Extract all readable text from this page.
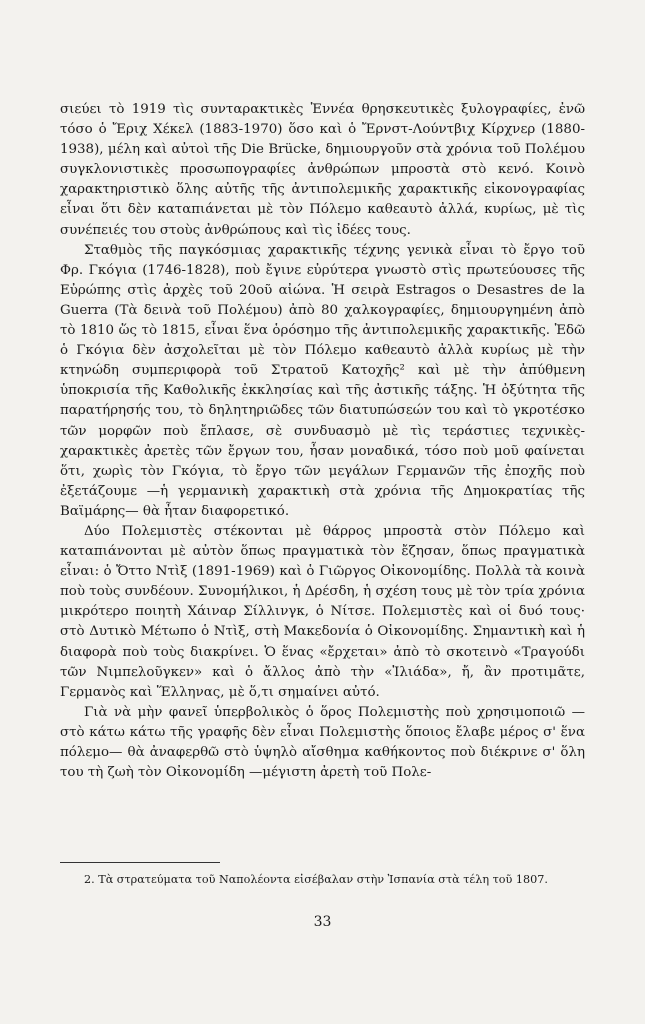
σιεύει τὸ 1919 τὶς συνταρακτικὲς Ἐννέα θρησκευτικὲς ξυλογραφίες, ἐνῶ τόσο ὁ Ἔριχ Χέκελ (1883-1970) ὅσο καὶ ὁ Ἔρνστ-Λούντβιχ Κίρχνερ (1880-1938), μέλη καὶ αὐτοὶ τῆς Die Brücke, δημιουργοῦν στὰ χρόνια τοῦ Πολέμου συγκλονιστικὲς προσωπογραφίες ἀνθρώπων μπροστὰ στὸ κενό. Κοινὸ χαρακτηριστικὸ ὅλης αὐτῆς τῆς ἀντιπολεμικῆς χαρακτικῆς εἰκονογραφίας εἶναι ὅτι δὲν καταπιάνεται μὲ τὸν Πόλεμο καθεαυτὸ ἀλλά, κυρίως, μὲ τὶς συνέπειές του στοὺς ἀνθρώπους καὶ τὶς ἰδέες τους.

Σταθμὸς τῆς παγκόσμιας χαρακτικῆς τέχνης γενικὰ εἶναι τὸ ἔργο τοῦ Φρ. Γκόγια (1746-1828), ποὺ ἔγινε εὐρύτερα γνωστὸ στὶς πρωτεύουσες τῆς Εὐρώπης στὶς ἀρχὲς τοῦ 20οῦ αἰώνα. Ἡ σειρὰ Estragos o Desastres de la Guerra (Τὰ δεινὰ τοῦ Πολέμου) ἀπὸ 80 χαλκογραφίες, δημιουργημένη ἀπὸ τὸ 1810 ὥς τὸ 1815, εἶναι ἕνα ὁρόσημο τῆς ἀντιπολεμικῆς χαρακτικῆς. Ἐδῶ ὁ Γκόγια δὲν ἀσχολεῖται μὲ τὸν Πόλεμο καθεαυτὸ ἀλλὰ κυρίως μὲ τὴν κτηνώδη συμπεριφορὰ τοῦ Στρατοῦ Κατοχῆς² καὶ μὲ τὴν ἀπύθμενη ὑποκρισία τῆς Καθολικῆς ἐκκλησίας καὶ τῆς ἀστικῆς τάξης. Ἡ ὀξύτητα τῆς παρατήρησής του, τὸ δηλητηριῶδες τῶν διατυπώσεών του καὶ τὸ γκροτέσκο τῶν μορφῶν ποὺ ἔπλασε, σὲ συνδυασμὸ μὲ τὶς τεράστιες τεχνικὲς-χαρακτικὲς ἀρετὲς τῶν ἔργων του, ἦσαν μοναδικά, τόσο ποὺ μοῦ φαίνεται ὅτι, χωρὶς τὸν Γκόγια, τὸ ἔργο τῶν μεγάλων Γερμανῶν τῆς ἐποχῆς ποὺ ἐξετάζουμε —ἡ γερμανικὴ χαρακτικὴ στὰ χρόνια τῆς Δημοκρατίας τῆς Βαϊμάρης— θὰ ἦταν διαφορετικό.

Δύο Πολεμιστὲς στέκονται μὲ θάρρος μπροστὰ στὸν Πόλεμο καὶ καταπιάνονται μὲ αὐτὸν ὅπως πραγματικὰ τὸν ἔζησαν, ὅπως πραγματικὰ εἶναι: ὁ Ὄττο Ντὶξ (1891-1969) καὶ ὁ Γιῶργος Οἰκονομίδης. Πολλὰ τὰ κοινὰ ποὺ τοὺς συνδέουν. Συνομήλικοι, ἡ Δρέσδη, ἡ σχέση τους μὲ τὸν τρία χρόνια μικρότερο ποιητὴ Χάιναρ Σίλλινγκ, ὁ Νίτσε. Πολεμιστὲς καὶ οἱ δυό τους· στὸ Δυτικὸ Μέτωπο ὁ Ντὶξ, στὴ Μακεδονία ὁ Οἰκονομίδης. Σημαντικὴ καὶ ἡ διαφορὰ ποὺ τοὺς διακρίνει. Ὁ ἕνας «ἔρχεται» ἀπὸ τὸ σκοτεινὸ «Τραγούδι τῶν Νιμπελοῦγκεν» καὶ ὁ ἄλλος ἀπὸ τὴν «Ἰλιάδα», ἤ, ἂν προτιμᾶτε, Γερμανὸς καὶ Ἕλληνας, μὲ ὅ,τι σημαίνει αὐτό.

Γιὰ νὰ μὴν φανεῖ ὑπερβολικὸς ὁ ὅρος Πολεμιστὴς ποὺ χρησιμοποιῶ —στὸ κάτω κάτω τῆς γραφῆς δὲν εἶναι Πολεμιστὴς ὅποιος ἔλαβε μέρος σ' ἕνα πόλεμο— θὰ ἀναφερθῶ στὸ ὑψηλὸ αἴσθημα καθήκοντος ποὺ διέκρινε σ' ὅλη του τὴ ζωὴ τὸν Οἰκονομίδη —μέγιστη ἀρετὴ τοῦ Πολε-

2. Τὰ στρατεύματα τοῦ Ναπολέοντα εἰσέβαλαν στὴν Ἰσπανία στὰ τέλη τοῦ 1807.
33
